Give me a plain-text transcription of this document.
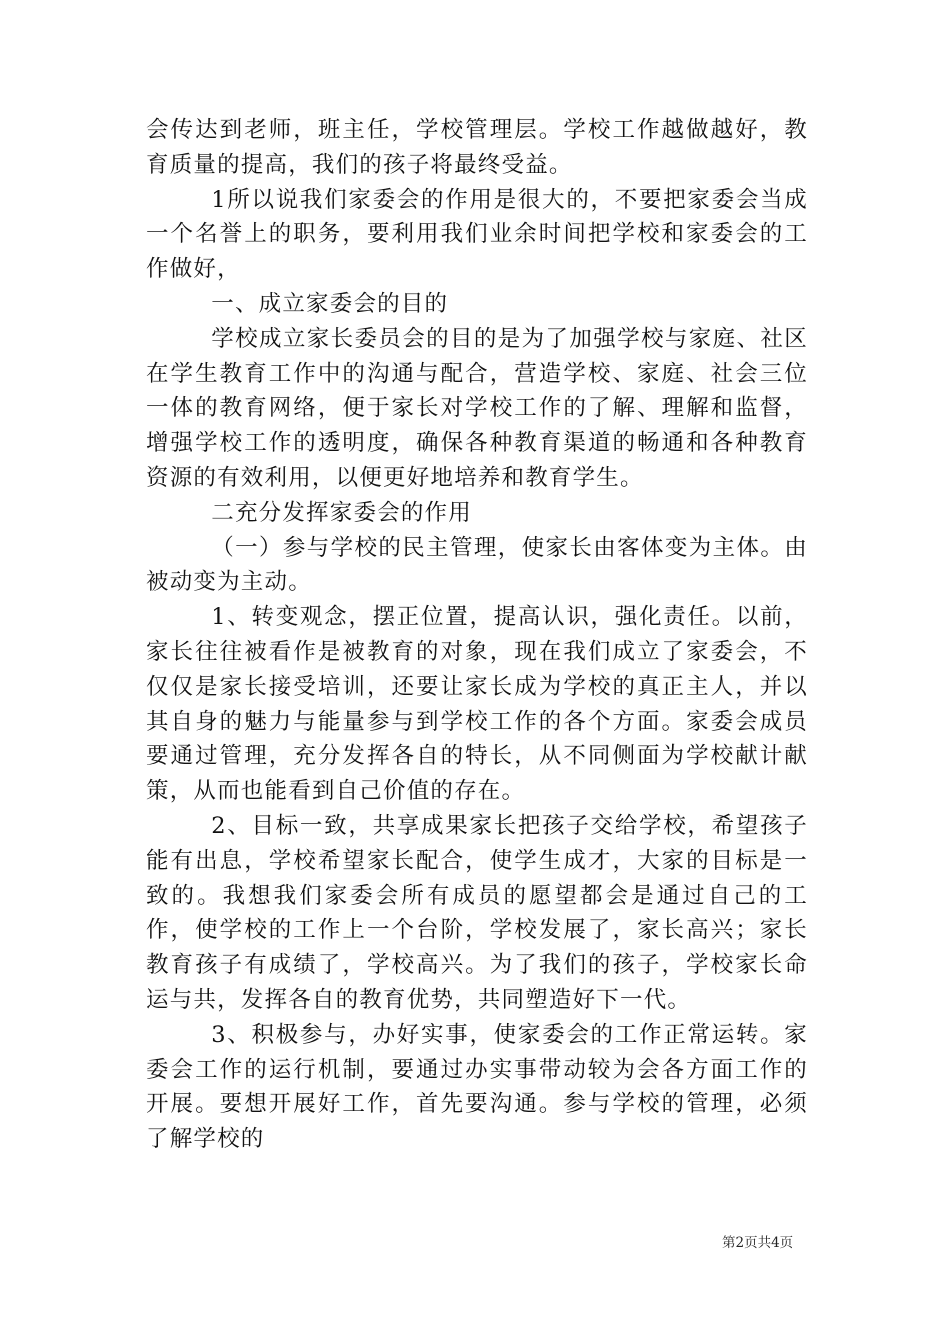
会传达到老师，班主任，学校管理层。学校工作越做越好，教育质量的提高，我们的孩子将最终受益。

1所以说我们家委会的作用是很大的，不要把家委会当成一个名誉上的职务，要利用我们业余时间把学校和家委会的工作做好，

一、成立家委会的目的

学校成立家长委员会的目的是为了加强学校与家庭、社区在学生教育工作中的沟通与配合，营造学校、家庭、社会三位一体的教育网络，便于家长对学校工作的了解、理解和监督，增强学校工作的透明度，确保各种教育渠道的畅通和各种教育资源的有效利用，以便更好地培养和教育学生。

二充分发挥家委会的作用

（一）参与学校的民主管理，使家长由客体变为主体。由被动变为主动。

1、转变观念，摆正位置，提高认识，强化责任。以前，家长往往被看作是被教育的对象，现在我们成立了家委会，不仅仅是家长接受培训，还要让家长成为学校的真正主人，并以其自身的魅力与能量参与到学校工作的各个方面。家委会成员要通过管理，充分发挥各自的特长，从不同侧面为学校献计献策，从而也能看到自己价值的存在。

2、目标一致，共享成果家长把孩子交给学校，希望孩子能有出息，学校希望家长配合，使学生成才，大家的目标是一致的。我想我们家委会所有成员的愿望都会是通过自己的工作，使学校的工作上一个台阶，学校发展了，家长高兴；家长教育孩子有成绩了，学校高兴。为了我们的孩子，学校家长命运与共，发挥各自的教育优势，共同塑造好下一代。

3、积极参与，办好实事，使家委会的工作正常运转。家委会工作的运行机制，要通过办实事带动较为会各方面工作的开展。要想开展好工作，首先要沟通。参与学校的管理，必须了解学校的

第2页共4页
